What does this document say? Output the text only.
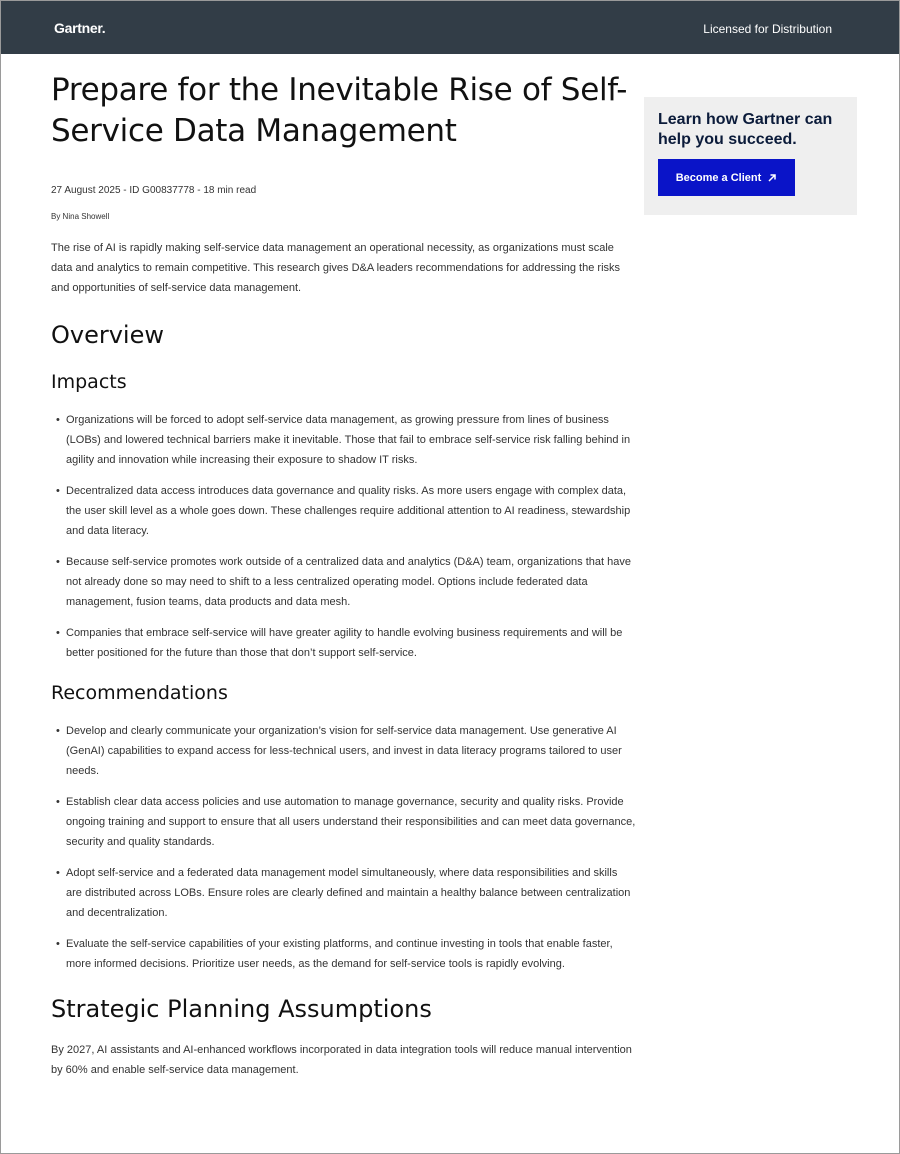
Gartner.	Licensed for Distribution
Prepare for the Inevitable Rise of Self-Service Data Management
27 August 2025 - ID G00837778 - 18 min read
By Nina Showell

The rise of AI is rapidly making self-service data management an operational necessity, as organizations must scale data and analytics to remain competitive. This research gives D&A leaders recommendations for addressing the risks and opportunities of self-service data management.

Overview
Impacts
• Organizations will be forced to adopt self-service data management, as growing pressure from lines of business (LOBs) and lowered technical barriers make it inevitable. Those that fail to embrace self-service risk falling behind in agility and innovation while increasing their exposure to shadow IT risks.
• Decentralized data access introduces data governance and quality risks. As more users engage with complex data, the user skill level as a whole goes down. These challenges require additional attention to AI readiness, stewardship and data literacy.
• Because self-service promotes work outside of a centralized data and analytics (D&A) team, organizations that have not already done so may need to shift to a less centralized operating model. Options include federated data management, fusion teams, data products and data mesh.
• Companies that embrace self-service will have greater agility to handle evolving business requirements and will be better positioned for the future than those that don’t support self-service.
Recommendations
• Develop and clearly communicate your organization’s vision for self-service data management. Use generative AI (GenAI) capabilities to expand access for less-technical users, and invest in data literacy programs tailored to user needs.
• Establish clear data access policies and use automation to manage governance, security and quality risks. Provide ongoing training and support to ensure that all users understand their responsibilities and can meet data governance, security and quality standards.
• Adopt self-service and a federated data management model simultaneously, where data responsibilities and skills are distributed across LOBs. Ensure roles are clearly defined and maintain a healthy balance between centralization and decentralization.
• Evaluate the self-service capabilities of your existing platforms, and continue investing in tools that enable faster, more informed decisions. Prioritize user needs, as the demand for self-service tools is rapidly evolving.
Strategic Planning Assumptions

By 2027, AI assistants and AI-enhanced workflows incorporated in data integration tools will reduce manual intervention by 60% and enable self-service data management.

Learn how Gartner can help you succeed.
Become a Client
